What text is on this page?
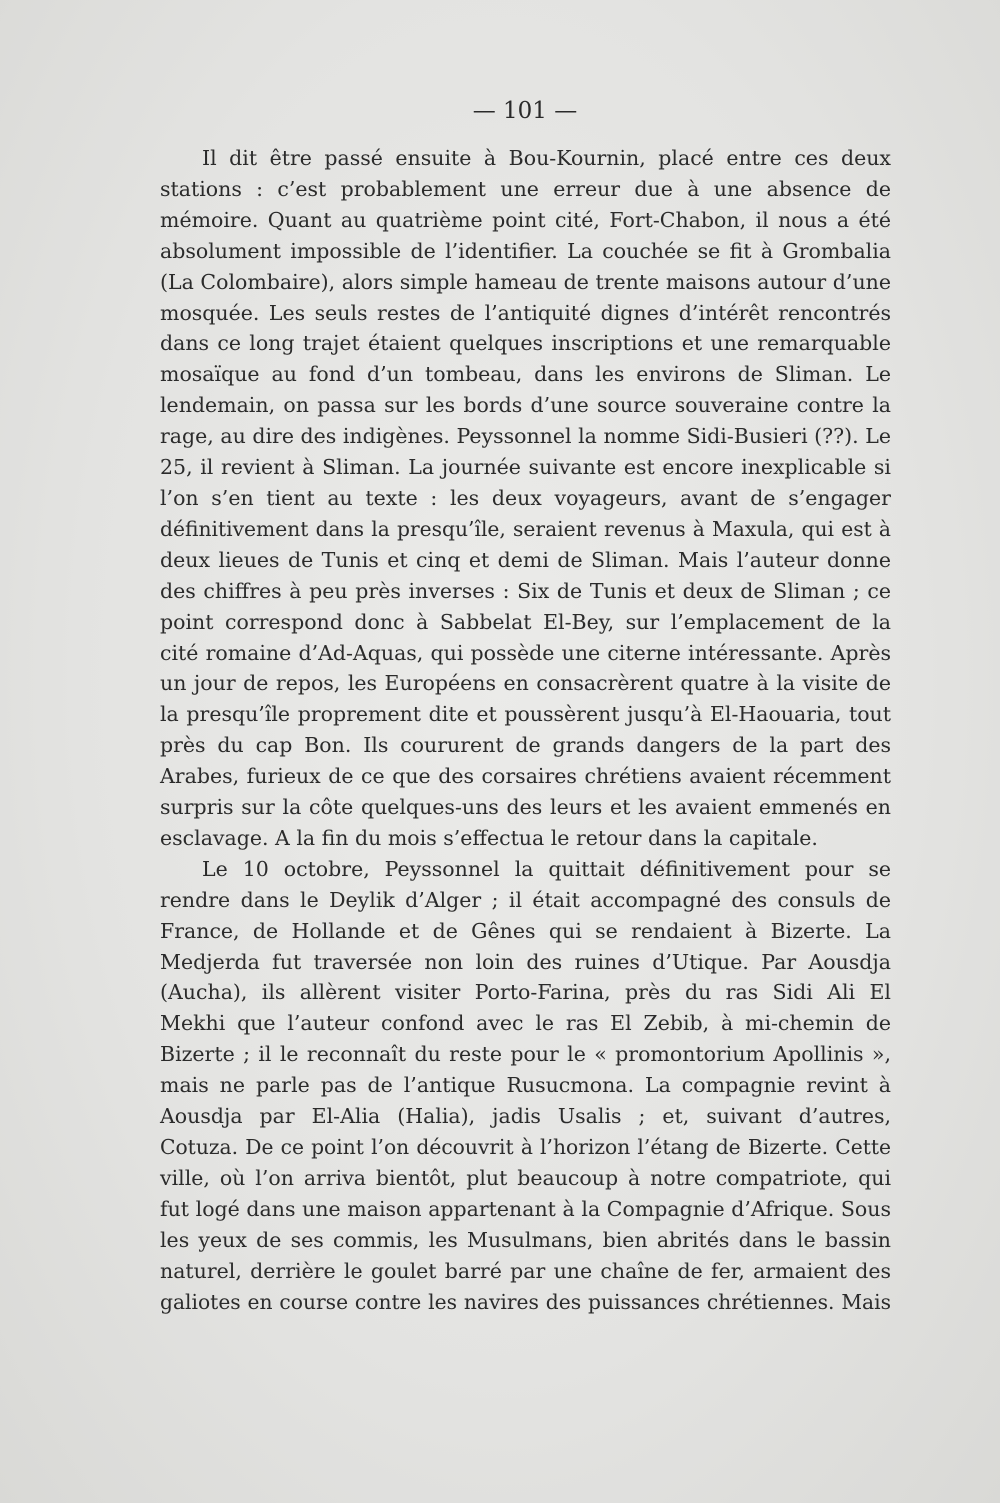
— 101 —

Il dit être passé ensuite à Bou-Kournin, placé entre ces deux

stations : c’est probablement une erreur due à une absence de

mémoire. Quant au quatrième point cité, Fort-Chabon, il nous a été

absolument impossible de l’identifier. La couchée se fit à Grombalia

(La Colombaire), alors simple hameau de trente maisons autour d’une

mosquée. Les seuls restes de l’antiquité dignes d’intérêt rencontrés

dans ce long trajet étaient quelques inscriptions et une remarquable

mosaïque au fond d’un tombeau, dans les environs de Sliman. Le

lendemain, on passa sur les bords d’une source souveraine contre la

rage, au dire des indigènes. Peyssonnel la nomme Sidi-Busieri (??). Le

25, il revient à Sliman. La journée suivante est encore inexplicable si

l’on s’en tient au texte : les deux voyageurs, avant de s’engager

définitivement dans la presqu’île, seraient revenus à Maxula, qui est à

deux lieues de Tunis et cinq et demi de Sliman. Mais l’auteur donne

des chiffres à peu près inverses : Six de Tunis et deux de Sliman ; ce

point correspond donc à Sabbelat El-Bey, sur l’emplacement de la

cité romaine d’Ad-Aquas, qui possède une citerne intéressante. Après

un jour de repos, les Européens en consacrèrent quatre à la visite de

la presqu’île proprement dite et poussèrent jusqu’à El-Haouaria, tout

près du cap Bon. Ils coururent de grands dangers de la part des

Arabes, furieux de ce que des corsaires chrétiens avaient récemment

surpris sur la côte quelques-uns des leurs et les avaient emmenés en

esclavage. A la fin du mois s’effectua le retour dans la capitale.

Le 10 octobre, Peyssonnel la quittait définitivement pour se

rendre dans le Deylik d’Alger ; il était accompagné des consuls de

France, de Hollande et de Gênes qui se rendaient à Bizerte. La

Medjerda fut traversée non loin des ruines d’Utique. Par Aousdja

(Aucha), ils allèrent visiter Porto-Farina, près du ras Sidi Ali El

Mekhi que l’auteur confond avec le ras El Zebib, à mi-chemin de

Bizerte ; il le reconnaît du reste pour le « promontorium Apollinis »,

mais ne parle pas de l’antique Rusucmona. La compagnie revint à

Aousdja par El-Alia (Halia), jadis Usalis ; et, suivant d’autres,

Cotuza. De ce point l’on découvrit à l’horizon l’étang de Bizerte. Cette

ville, où l’on arriva bientôt, plut beaucoup à notre compatriote, qui

fut logé dans une maison appartenant à la Compagnie d’Afrique. Sous

les yeux de ses commis, les Musulmans, bien abrités dans le bassin

naturel, derrière le goulet barré par une chaîne de fer, armaient des

galiotes en course contre les navires des puissances chrétiennes. Mais
